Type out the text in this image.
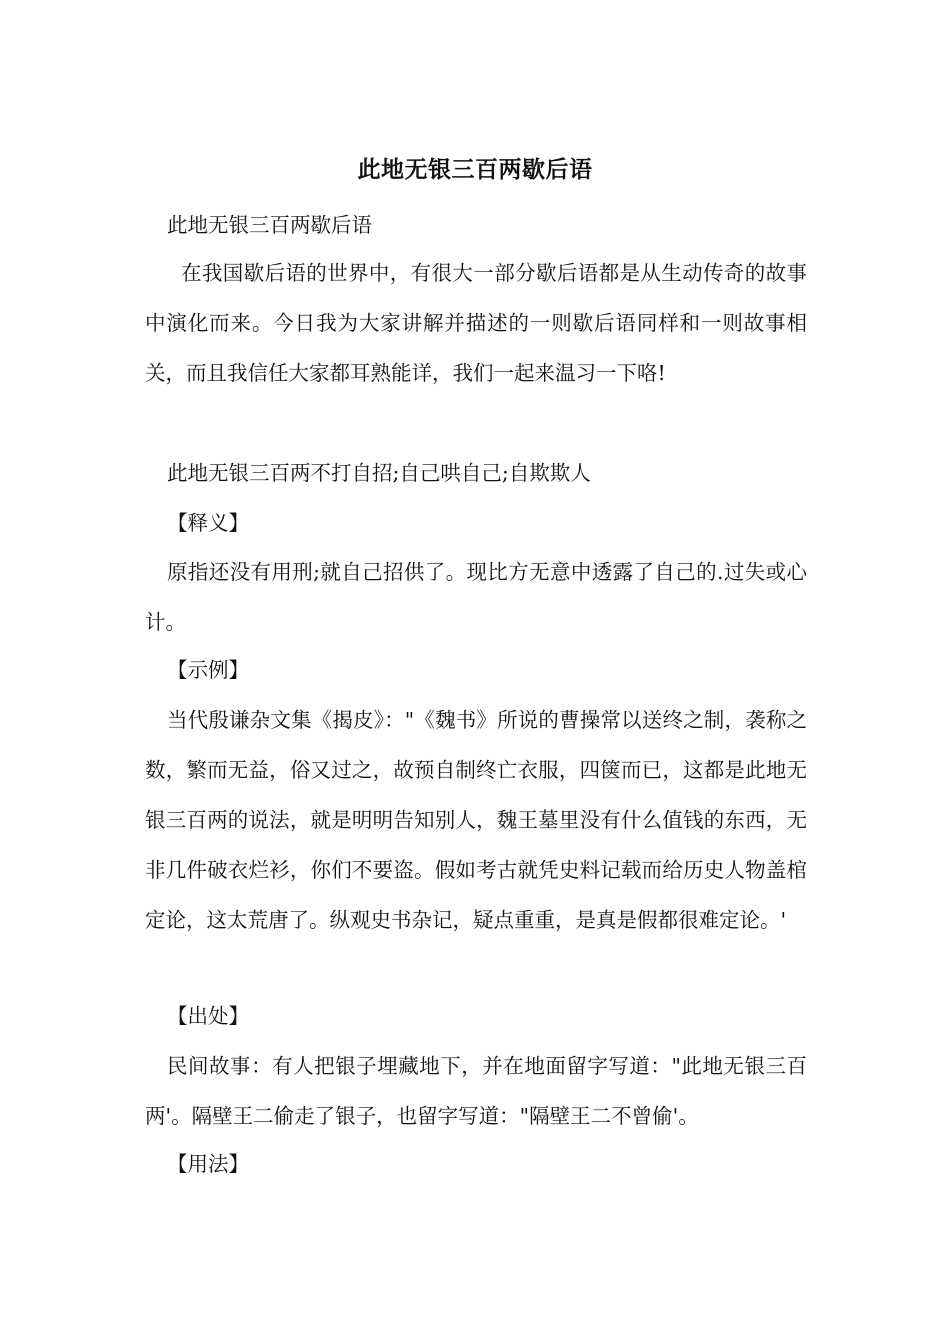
此地无银三百两歇后语
此地无银三百两歇后语
在我国歇后语的世界中，有很大一部分歇后语都是从生动传奇的故事中演化而来。今日我为大家讲解并描述的一则歇后语同样和一则故事相关，而且我信任大家都耳熟能详，我们一起来温习一下咯!
此地无银三百两不打自招;自己哄自己;自欺欺人
【释义】
原指还没有用刑;就自己招供了。现比方无意中透露了自己的.过失或心计。
【示例】
当代殷谦杂文集《揭皮》："《魏书》所说的曹操常以送终之制，袭称之数，繁而无益，俗又过之，故预自制终亡衣服，四箧而已，这都是此地无银三百两的说法，就是明明告知别人，魏王墓里没有什么值钱的东西，无非几件破衣烂衫，你们不要盗。假如考古就凭史料记载而给历史人物盖棺定论，这太荒唐了。纵观史书杂记，疑点重重，是真是假都很难定论。'
【出处】
民间故事：有人把银子埋藏地下，并在地面留字写道："此地无银三百两'。隔壁王二偷走了银子，也留字写道："隔壁王二不曾偷'。
【用法】
